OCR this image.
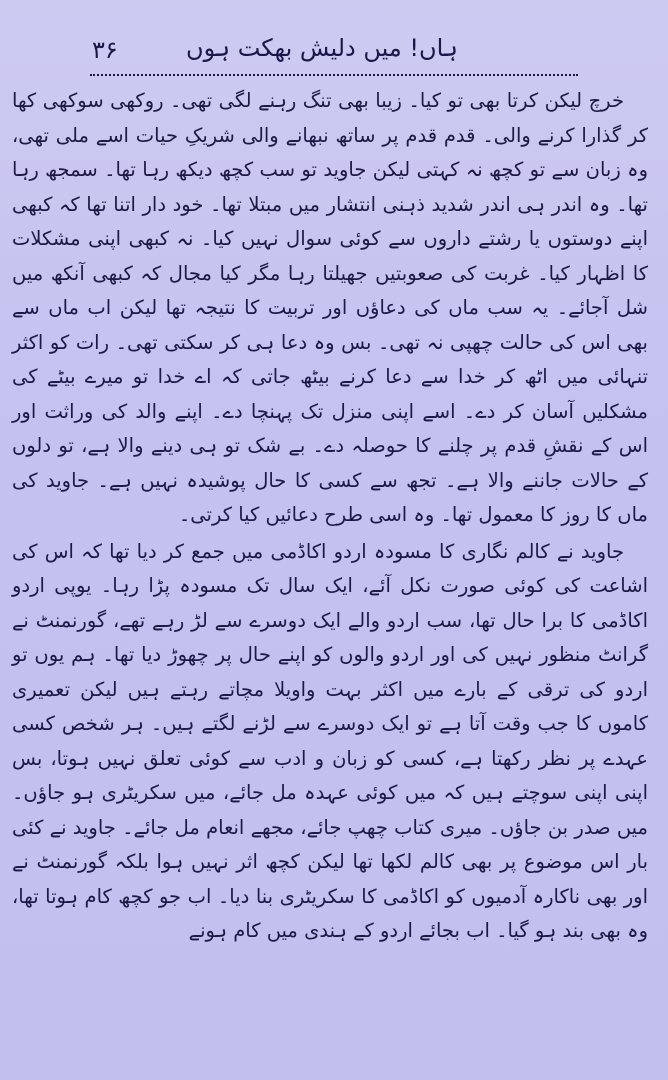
۳۶	ہاں! میں دلیش بھکت ہوں

خرچ لیکن کرتا بھی تو کیا۔ زیبا بھی تنگ رہنے لگی تھی۔ روکھی سوکھی کھا کر گذارا کرنے والی۔ قدم قدم پر ساتھ نبھانے والی شریکِ حیات اسے ملی تھی، وہ زبان سے تو کچھ نہ کہتی لیکن جاوید تو سب کچھ دیکھ رہا تھا۔ سمجھ رہا تھا۔ وہ اندر ہی اندر شدید ذہنی انتشار میں مبتلا تھا۔ خود دار اتنا تھا کہ کبھی اپنے دوستوں یا رشتے داروں سے کوئی سوال نہیں کیا۔ نہ کبھی اپنی مشکلات کا اظہار کیا۔ غربت کی صعوبتیں جھیلتا رہا مگر کیا مجال کہ کبھی آنکھ میں شل آجائے۔ یہ سب ماں کی دعاؤں اور تربیت کا نتیجہ تھا لیکن اب ماں سے بھی اس کی حالت چھپی نہ تھی۔ بس وہ دعا ہی کر سکتی تھی۔ رات کو اکثر تنہائی میں اٹھ کر خدا سے دعا کرنے بیٹھ جاتی کہ اے خدا تو میرے بیٹے کی مشکلیں آسان کر دے۔ اسے اپنی منزل تک پہنچا دے۔ اپنے والد کی وراثت اور اس کے نقشِ قدم پر چلنے کا حوصلہ دے۔ بے شک تو ہی دینے والا ہے، تو دلوں کے حالات جاننے والا ہے۔ تجھ سے کسی کا حال پوشیدہ نہیں ہے۔ جاوید کی ماں کا روز کا معمول تھا۔ وہ اسی طرح دعائیں کیا کرتی۔

جاوید نے کالم نگاری کا مسودہ اردو اکاڈمی میں جمع کر دیا تھا کہ اس کی اشاعت کی کوئی صورت نکل آئے، ایک سال تک مسودہ پڑا رہا۔ یوپی اردو اکاڈمی کا برا حال تھا، سب اردو والے ایک دوسرے سے لڑ رہے تھے، گورنمنٹ نے گرانٹ منظور نہیں کی اور اردو والوں کو اپنے حال پر چھوڑ دیا تھا۔ ہم یوں تو اردو کی ترقی کے بارے میں اکثر بہت واویلا مچاتے رہتے ہیں لیکن تعمیری کاموں کا جب وقت آتا ہے تو ایک دوسرے سے لڑنے لگتے ہیں۔ ہر شخص کسی عہدے پر نظر رکھتا ہے، کسی کو زبان و ادب سے کوئی تعلق نہیں ہوتا، بس اپنی اپنی سوچتے ہیں کہ میں کوئی عہدہ مل جائے، میں سکریٹری ہو جاؤں۔ میں صدر بن جاؤں۔ میری کتاب چھپ جائے، مجھے انعام مل جائے۔ جاوید نے کئی بار اس موضوع پر بھی کالم لکھا تھا لیکن کچھ اثر نہیں ہوا بلکہ گورنمنٹ نے اور بھی ناکارہ آدمیوں کو اکاڈمی کا سکریٹری بنا دیا۔ اب جو کچھ کام ہوتا تھا، وہ بھی بند ہو گیا۔ اب بجائے اردو کے ہندی میں کام ہونے
